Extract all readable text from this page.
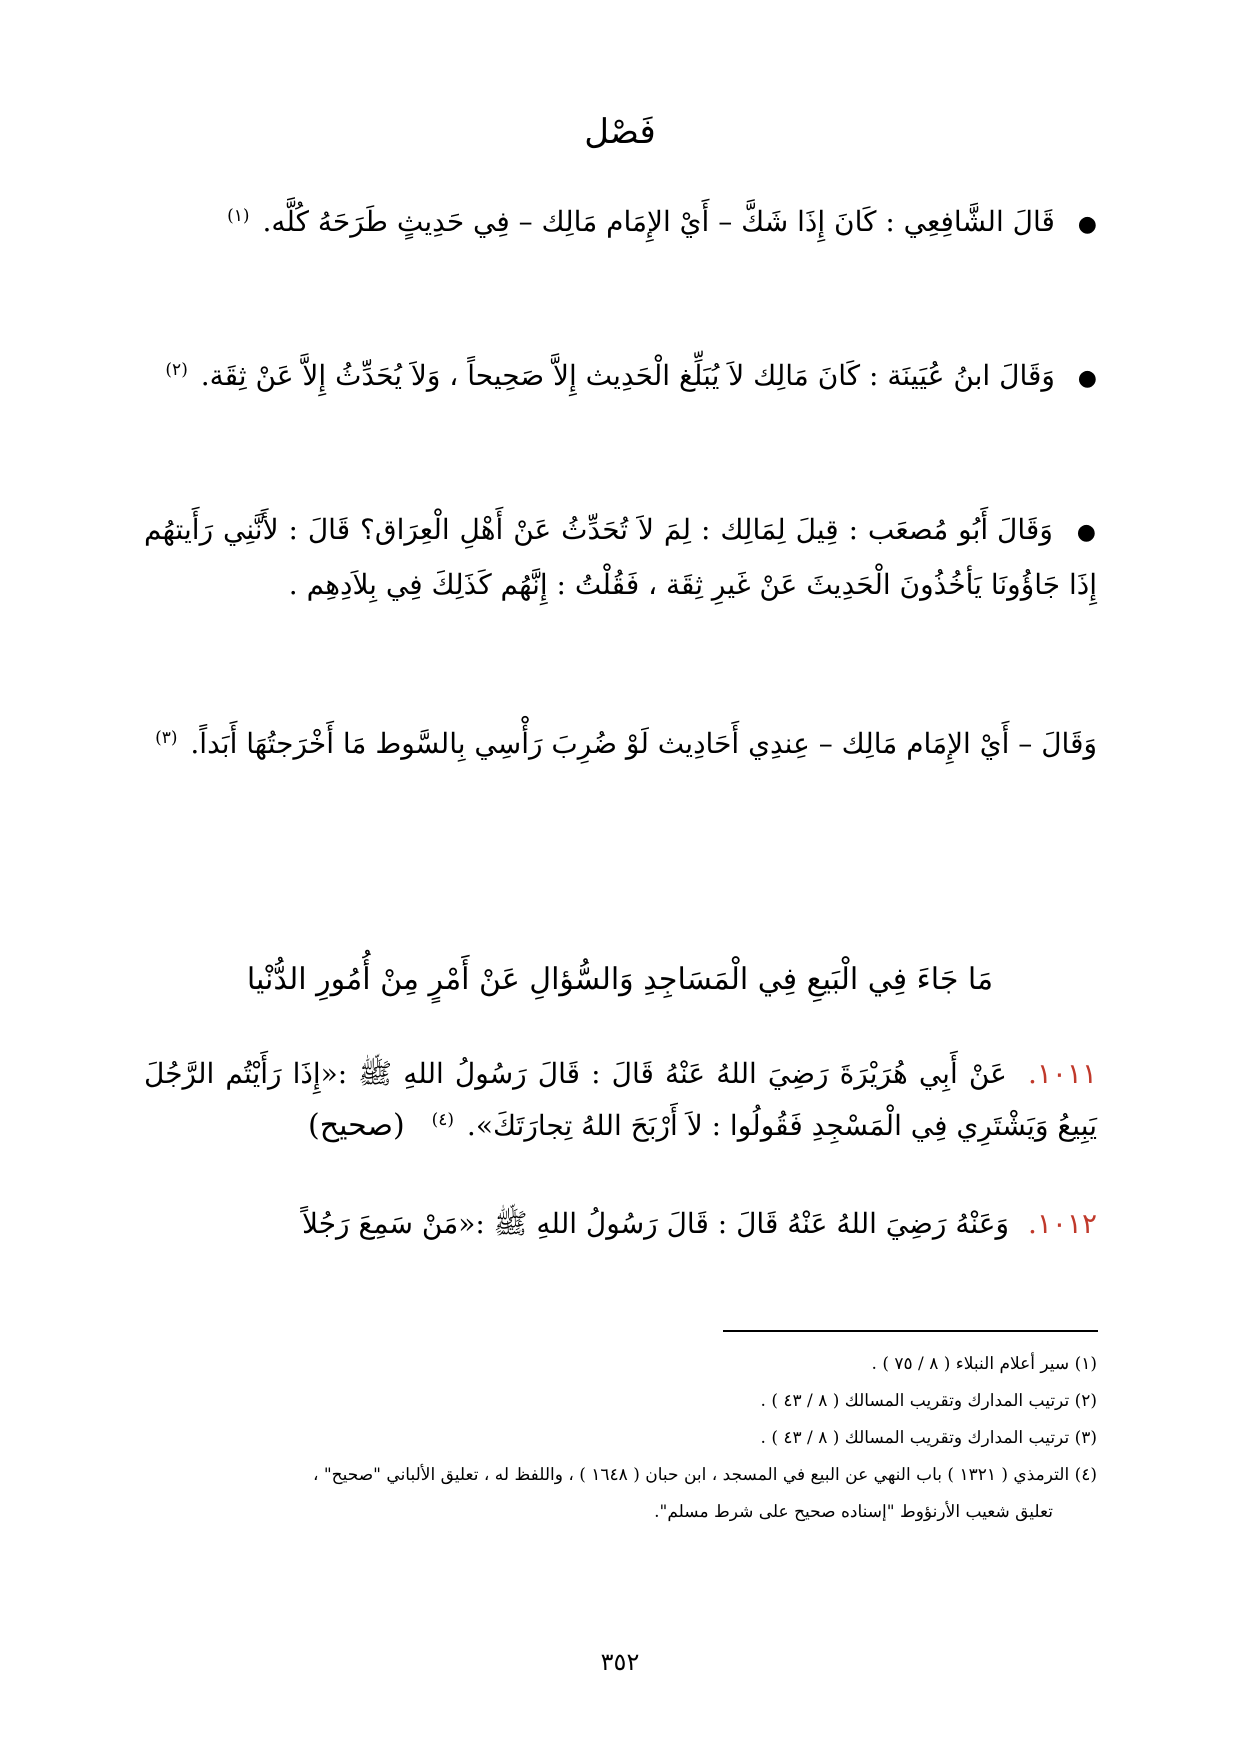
فَصْل
● قَالَ الشَّافِعِي : كَانَ إِذَا شَكَّ – أَيْ الإِمَام مَالِك – فِي حَدِيثٍ طَرَحَهُ كُلَّه. $^{(١)}$
● وَقَالَ ابنُ عُيَينَة : كَانَ مَالِك لاَ يُبَلِّغ الْحَدِيث إِلاَّ صَحِيحاً ، وَلاَ يُحَدِّثُ إِلاَّ عَنْ ثِقَة. $^{(٢)}$
● وَقَالَ أَبُو مُصعَب : قِيلَ لِمَالِك : لِمَ لاَ تُحَدِّثُ عَنْ أَهْلِ الْعِرَاق؟ قَالَ : لأَنَّنِي رَأَيتهُم إِذَا جَاؤُونَا يَأخُذُونَ الْحَدِيثَ عَنْ غَيرِ ثِقَة ، فَقُلْتُ : إِنَّهُم كَذَلِكَ فِي بِلاَدِهِم .
وَقَالَ – أَيْ الإِمَام مَالِك – عِندِي أَحَادِيث لَوْ ضُرِبَ رَأْسِي بِالسَّوط مَا أَخْرَجتُهَا أَبَداً. $^{(٣)}$
مَا جَاءَ فِي الْبَيعِ فِي الْمَسَاجِدِ وَالسُّؤالِ عَنْ أَمْرٍ مِنْ أُمُورِ الدُّنْيا
١٠١١. عَنْ أَبِي هُرَيْرَةَ رَضِيَ اللهُ عَنْهُ قَالَ : قَالَ رَسُولُ اللهِ ﷺ :«إِذَا رَأَيْتُم الرَّجُلَ يَبِيعُ وَيَشْتَرِي فِي الْمَسْجِدِ فَقُولُوا : لاَ أَرْبَحَ اللهُ تِجارَتَكَ». $^{(٤)}$ (صحيح)
١٠١٢. وَعَنْهُ رَضِيَ اللهُ عَنْهُ قَالَ : قَالَ رَسُولُ اللهِ ﷺ :«مَنْ سَمِعَ رَجُلاً

(١) سير أعلام النبلاء ( ٨ / ٧٥ ) .

(٢) ترتيب المدارك وتقريب المسالك ( ٨ / ٤٣ ) .

(٣) ترتيب المدارك وتقريب المسالك ( ٨ / ٤٣ ) .

(٤) الترمذي ( ١٣٢١ ) باب النهي عن البيع في المسجد ، ابن حبان ( ١٦٤٨ ) ، واللفظ له ، تعليق الألباني "صحيح" ،

تعليق شعيب الأرنؤوط "إسناده صحيح على شرط مسلم".

٣٥٢
